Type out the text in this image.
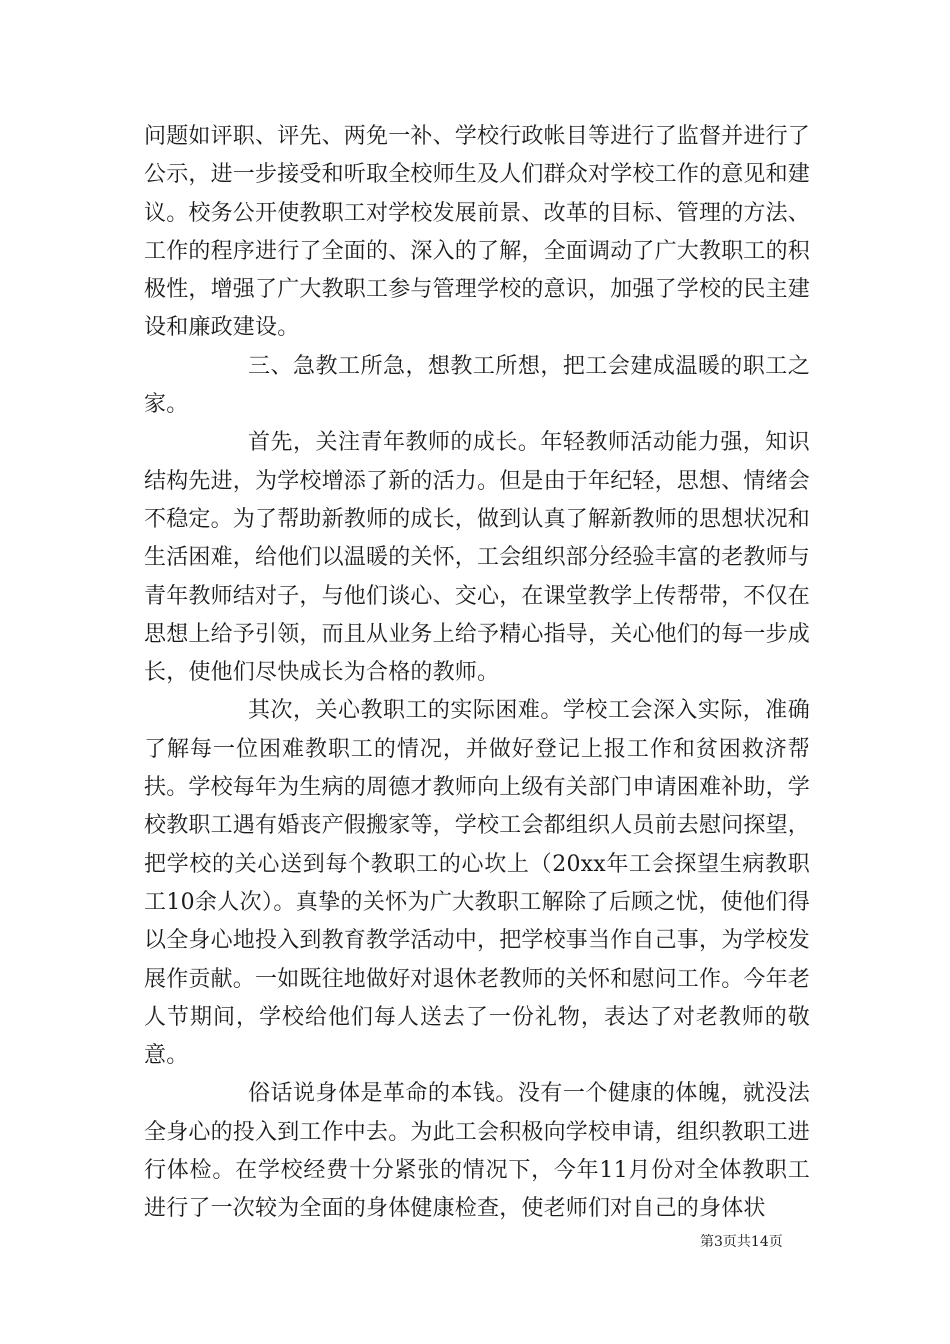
问题如评职、评先、两免一补、学校行政帐目等进行了监督并进行了公示，进一步接受和听取全校师生及人们群众对学校工作的意见和建议。校务公开使教职工对学校发展前景、改革的目标、管理的方法、工作的程序进行了全面的、深入的了解，全面调动了广大教职工的积极性，增强了广大教职工参与管理学校的意识，加强了学校的民主建设和廉政建设。

三、急教工所急，想教工所想，把工会建成温暖的职工之家。

首先，关注青年教师的成长。年轻教师活动能力强，知识结构先进，为学校增添了新的活力。但是由于年纪轻，思想、情绪会不稳定。为了帮助新教师的成长，做到认真了解新教师的思想状况和生活困难，给他们以温暖的关怀，工会组织部分经验丰富的老教师与青年教师结对子，与他们谈心、交心，在课堂教学上传帮带，不仅在思想上给予引领，而且从业务上给予精心指导，关心他们的每一步成长，使他们尽快成长为合格的教师。

其次，关心教职工的实际困难。学校工会深入实际，准确了解每一位困难教职工的情况，并做好登记上报工作和贫困救济帮扶。学校每年为生病的周德才教师向上级有关部门申请困难补助，学校教职工遇有婚丧产假搬家等，学校工会都组织人员前去慰问探望，把学校的关心送到每个教职工的心坎上（20xx年工会探望生病教职工10余人次）。真挚的关怀为广大教职工解除了后顾之忧，使他们得以全身心地投入到教育教学活动中，把学校事当作自己事，为学校发展作贡献。一如既往地做好对退休老教师的关怀和慰问工作。今年老人节期间，学校给他们每人送去了一份礼物，表达了对老教师的敬意。

俗话说身体是革命的本钱。没有一个健康的体魄，就没法全身心的投入到工作中去。为此工会积极向学校申请，组织教职工进行体检。在学校经费十分紧张的情况下，今年11月份对全体教职工进行了一次较为全面的身体健康检查，使老师们对自己的身体状

第3页共14页
